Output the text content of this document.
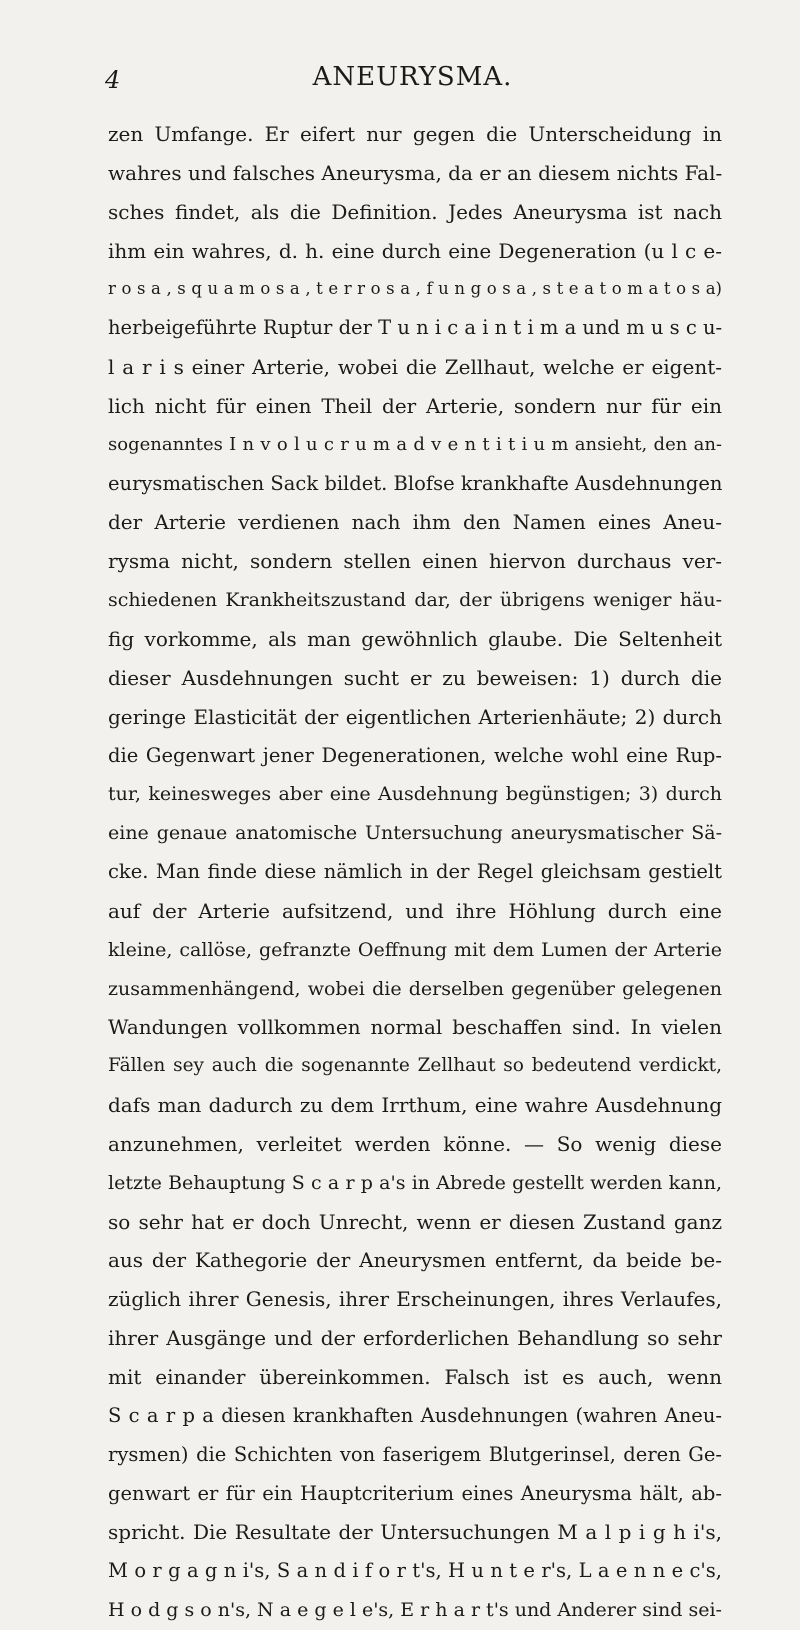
4	ANEURYSMA.
zen Umfange. Er eifert nur gegen die Unterscheidung in
wahres und falsches Aneurysma, da er an diesem nichts Fal-
sches findet, als die Definition. Jedes Aneurysma ist nach
ihm ein wahres, d. h. eine durch eine Degeneration (u l c e-
r o s a , s q u a m o s a , t e r r o s a , f u n g o s a , s t e a t o m a t o s a)
herbeigeführte Ruptur der T u n i c a i n t i m a und m u s c u-
l a r i s einer Arterie, wobei die Zellhaut, welche er eigent-
lich nicht für einen Theil der Arterie, sondern nur für ein
sogenanntes I n v o l u c r u m a d v e n t i t i u m ansieht, den an-
eurysmatischen Sack bildet. Blofse krankhafte Ausdehnungen
der Arterie verdienen nach ihm den Namen eines Aneu-
rysma nicht, sondern stellen einen hiervon durchaus ver-
schiedenen Krankheitszustand dar, der übrigens weniger häu-
fig vorkomme, als man gewöhnlich glaube. Die Seltenheit
dieser Ausdehnungen sucht er zu beweisen: 1) durch die
geringe Elasticität der eigentlichen Arterienhäute; 2) durch
die Gegenwart jener Degenerationen, welche wohl eine Rup-
tur, keinesweges aber eine Ausdehnung begünstigen; 3) durch
eine genaue anatomische Untersuchung aneurysmatischer Sä-
cke. Man finde diese nämlich in der Regel gleichsam gestielt
auf der Arterie aufsitzend, und ihre Höhlung durch eine
kleine, callöse, gefranzte Oeffnung mit dem Lumen der Arterie
zusammenhängend, wobei die derselben gegenüber gelegenen
Wandungen vollkommen normal beschaffen sind. In vielen
Fällen sey auch die sogenannte Zellhaut so bedeutend verdickt,
dafs man dadurch zu dem Irrthum, eine wahre Ausdehnung
anzunehmen, verleitet werden könne. — So wenig diese
letzte Behauptung S c a r p a's in Abrede gestellt werden kann,
so sehr hat er doch Unrecht, wenn er diesen Zustand ganz
aus der Kathegorie der Aneurysmen entfernt, da beide be-
züglich ihrer Genesis, ihrer Erscheinungen, ihres Verlaufes,
ihrer Ausgänge und der erforderlichen Behandlung so sehr
mit einander übereinkommen. Falsch ist es auch, wenn
S c a r p a diesen krankhaften Ausdehnungen (wahren Aneu-
rysmen) die Schichten von faserigem Blutgerinsel, deren Ge-
genwart er für ein Hauptcriterium eines Aneurysma hält, ab-
spricht. Die Resultate der Untersuchungen M a l p i g h i's,
M o r g a g n i's, S a n d i f o r t's, H u n t e r's, L a e n n e c's,
H o d g s o n's, N a e g e l e's, E r h a r t's und Anderer sind sei-
